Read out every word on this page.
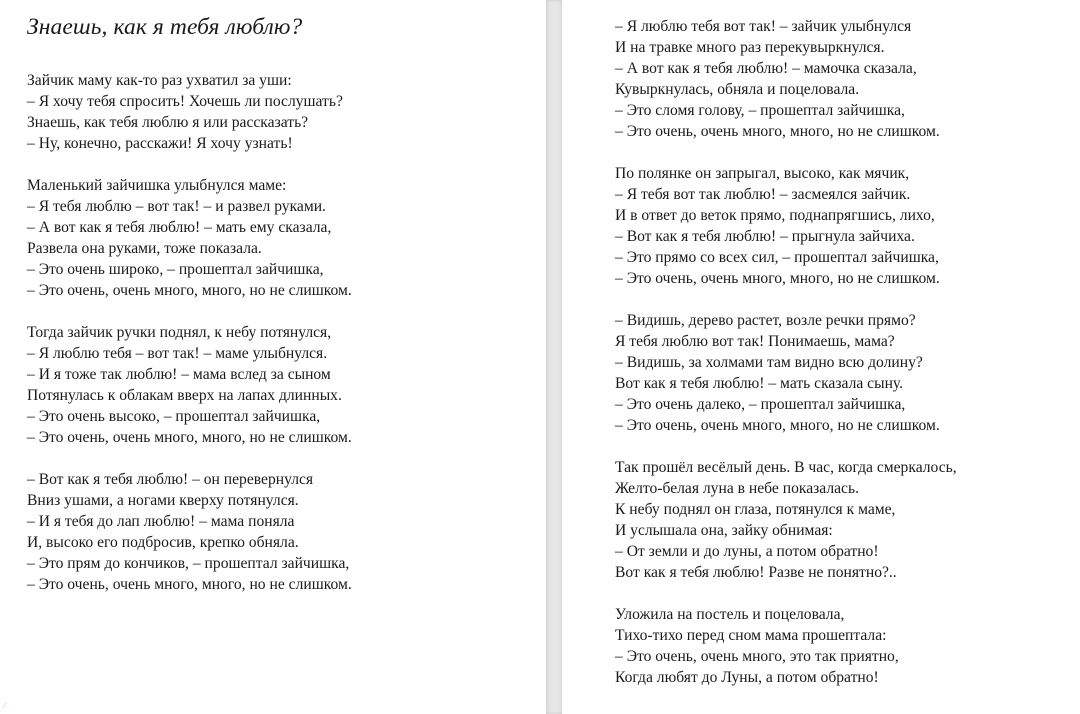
Знаешь, как я тебя люблю?
Зайчик маму как-то раз ухватил за уши:
– Я хочу тебя спросить! Хочешь ли послушать?
Знаешь, как тебя люблю я или рассказать?
– Ну, конечно, расскажи! Я хочу узнать!
Маленький зайчишка улыбнулся маме:
– Я тебя люблю – вот так! – и развел руками.
– А вот как я тебя люблю! – мать ему сказала,
Развела она руками, тоже показала.
– Это очень широко, – прошептал зайчишка,
– Это очень, очень много, много, но не слишком.
Тогда зайчик ручки поднял, к небу потянулся,
– Я люблю тебя – вот так! – маме улыбнулся.
– И я тоже так люблю! – мама вслед за сыном
Потянулась к облакам вверх на лапах длинных.
– Это очень высоко, – прошептал зайчишка,
– Это очень, очень много, много, но не слишком.
– Вот как я тебя люблю! – он перевернулся
Вниз ушами, а ногами кверху потянулся.
– И я тебя до лап люблю! – мама поняла
И, высоко его подбросив, крепко обняла.
– Это прям до кончиков, – прошептал зайчишка,
– Это очень, очень много, много, но не слишком.
⁄
– Я люблю тебя вот так! – зайчик улыбнулся
И на травке много раз перекувыркнулся.
– А вот как я тебя люблю! – мамочка сказала,
Кувыркнулась, обняла и поцеловала.
– Это сломя голову, – прошептал зайчишка,
– Это очень, очень много, много, но не слишком.
По полянке он запрыгал, высоко, как мячик,
– Я тебя вот так люблю! – засмеялся зайчик.
И в ответ до веток прямо, поднапрягшись, лихо,
– Вот как я тебя люблю! – прыгнула зайчиха.
– Это прямо со всех сил, – прошептал зайчишка,
– Это очень, очень много, много, но не слишком.
– Видишь, дерево растет, возле речки прямо?
Я тебя люблю вот так! Понимаешь, мама?
– Видишь, за холмами там видно всю долину?
Вот как я тебя люблю! – мать сказала сыну.
– Это очень далеко, – прошептал зайчишка,
– Это очень, очень много, много, но не слишком.
Так прошёл весёлый день. В час, когда смеркалось,
Желто-белая луна в небе показалась.
К небу поднял он глаза, потянулся к маме,
И услышала она, зайку обнимая:
– От земли и до луны, а потом обратно!
Вот как я тебя люблю! Разве не понятно?..
Уложила на постель и поцеловала,
Тихо-тихо перед сном мама прошептала:
– Это очень, очень много, это так приятно,
Когда любят до Луны, а потом обратно!
